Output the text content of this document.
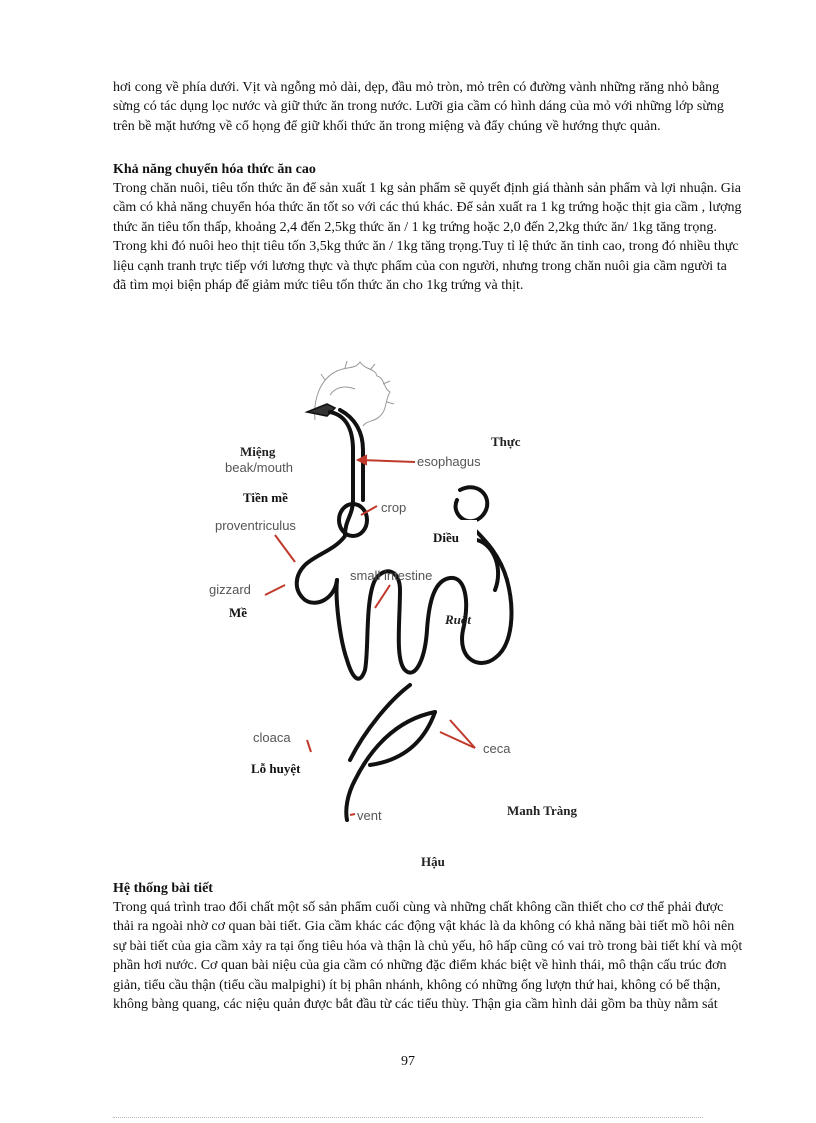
hơi cong về phía dưới. Vịt và ngỗng mỏ dài, dẹp, đầu mỏ tròn, mỏ trên có đường vành những răng nhỏ bằng sừng có tác dụng lọc nước và giữ thức ăn trong nước. Lưỡi gia cầm có hình dáng của mỏ với những lớp sừng trên bề mặt hướng về cổ họng để giữ khối thức ăn trong miệng và đẩy chúng về hướng thực quản.

Khả năng chuyển hóa thức ăn cao

Trong chăn nuôi, tiêu tốn thức ăn để sản xuất 1 kg sản phẩm sẽ quyết định giá thành sản phẩm và lợi nhuận. Gia cầm có khả năng chuyển hóa thức ăn tốt so với các thú khác. Để sản xuất ra 1 kg trứng hoặc thịt gia cầm , lượng thức ăn tiêu tốn thấp, khoảng 2,4 đến 2,5kg thức ăn / 1 kg trứng hoặc 2,0 đến 2,2kg thức ăn/ 1kg tăng trọng. Trong khi đó nuôi heo thịt tiêu tốn 3,5kg thức ăn / 1kg tăng trọng.Tuy tỉ lệ thức ăn tinh cao, trong đó nhiều thực liệu cạnh tranh trực tiếp với lương thực và thực phẩm của con người, nhưng trong chăn nuôi gia cầm người ta đã tìm mọi biện pháp để giảm mức tiêu tốn thức ăn cho 1kg trứng và thịt.

beak/mouth	esophagus
crop
proventriculus
gizzard
small intestine
cloaca
ceca
vent
Tiền mề
Diều
Mề
Lỗ huyệt
Miệng
Thực
Ruột
Manh Tràng
Hậu
Hệ thống bài tiết

Trong quá trình trao đổi chất một số sản phẩm cuối cùng và những chất không cần thiết cho cơ thể phải được thải ra ngoài nhờ cơ quan bài tiết. Gia cầm khác các động vật khác là da không có khả năng bài tiết mồ hôi nên sự bài tiết của gia cầm xảy ra tại ống tiêu hóa và thận là chủ yếu, hô hấp cũng có vai trò trong bài tiết khí và một phần hơi nước. Cơ quan bài niệu của gia cầm có những đặc điểm khác biệt về hình thái, mô thận cấu trúc đơn giản, tiểu cầu thận (tiểu cầu malpighi) ít bị phân nhánh, không có những ống lượn thứ hai, không có bể thận, không bàng quang, các niệu quản được bắt đầu từ các tiểu thùy. Thận gia cầm hình dải gồm ba thùy nằm sát

97
